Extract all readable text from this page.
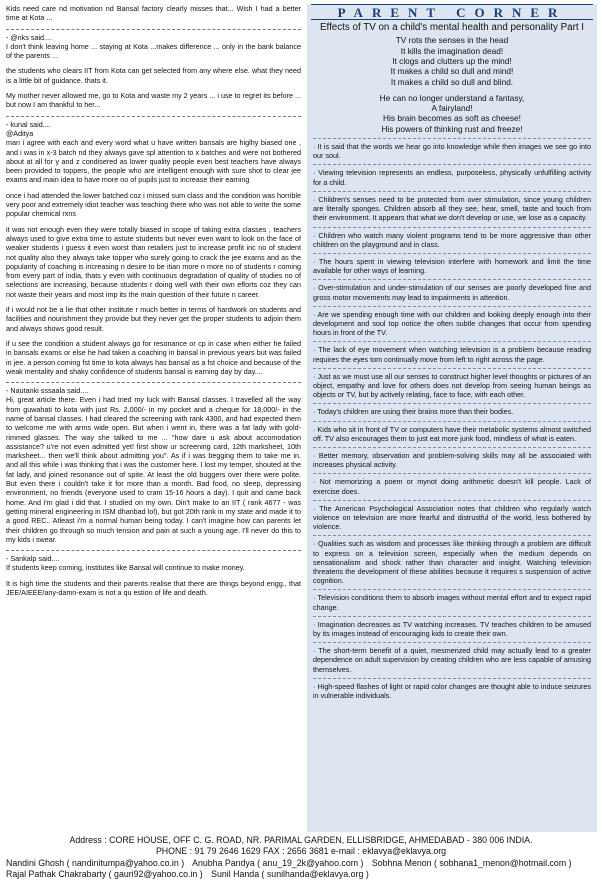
Kids need care nd motivation nd Bansal factory clearly misses that... Wish I had a better time at Kota ...

- @nks said....
I don't think leaving home ... staying at Kota ...makes difference ... only in the bank balance of the parents ...

the students who clears IIT from Kota can get selected from any where else. what they need is a little bit of guidance. thats it.

My mother never allowed me, go to Kota and waste my 2 years ... i use to regret its before ... but now I am thankful to her...

- kunal said....
@Aditya
man i agree with each and every word what u have written bansals are higlhy biased one , and i was in x-3 batch nd they always gave spl attention to x batches and were not bothered about at all for y and z condisered as lower quality people even best teachers have always been provided to toppers, the people who are intelligent enough with sure shot to clear jee exams and main idea to have more no of pupils just to increase their earning

once i had attended the lower batched coz i missed sum class and the condition was horrible very poor and extremely idiot teacher was teaching there who was not able to write the some popular chemical rxns

it was not enough even they were totally biased in scope of taking extra classes , teachers always used to give extra time to astute students but never even want to look on the face of weaker students i guess it even worst than retailers just to increase profit inc no of student not quality also they always take topper who surely going to crack the jee exams and as the popularity of coaching is increasing n desire to be itian more n more no of students r coming from every part of india, thats y even with continuous degradation of quality of studies no of selections are increasing, because students r doing well with their own efforts coz they can not waste their years and most imp its the main question of their future n career.

if i would not be a lie that other institute r much better in terms of hardwork on students and facilities and nourishment they provide but they never get the proper students to adjoin them and always shows good result.

if u see the condition a student always go for resonance or cp in case when either he failed in bansals exams or else he had taken a coaching in bansal in previous years but was failed in jee. a person coming fst time to kota always has bansal as a fst choice and because of the weak mentality and shaky confidence of students bansal is earning day by day....

- Nautanki sssaala said....
Hi, great article there. Even i had tried my luck with Bansal classes. I travelled all the way from guwahati to kota with just Rs. 2,000/- in my pocket and a cheque for 18,000/- in the name of bansal classes. I had cleared the screening with rank 4300, and had expected them to welcome me with arms wide open. But when i went in, there was a fat lady with gold-rimmed glasses. The way she talked to me ... "how dare u ask about accomodation assistance? u're not even admitted yet! first show ur screening card, 12th marksheet, 10th marksheet... then we'll think about admitting you". As if i was begging them to take me in. and all this while i was thinking that i was the customer here. I lost my temper, shouted at the fat lady, and joined resonance out of spite. At least the old buggers over there were polite. But even there i couldn't take it for more than a month. Bad food, no sleep, depressing environment, no friends (everyone used to cram 15-16 hours a day). I quit and came back home. And i'm glad i did that. I studied on my own. Din't make to an IIT ( rank 4677 - was getting mineral engineering in ISM dhanbad lol), but got 20th rank in my state and made it to a good REC.. Atleast i'm a normal human being today. I can't imagine how can parents let their children go through so much tension and pain at such a young age. I'll never do this to my kids i swear.

- Sankalp said....
If students keep coming, institutes like Bansal will continue to make money.

It is high time the students and their parents realise that there are things beyond engg., that JEE/AIEEE/any-damn-exam is not a qu estion of life and death.

PARENT CORNER
Effects of TV on a child's mental health and personality Part I
TV rots the senses in the head
It kills the imagination dead!
It clogs and clutters up the mind!
It makes a child so dull and mind!
It makes a child so dull and blind.
He can no longer understand a fantasy,
A fairyland!
His brain becomes as soft as cheese!
His powers of thinking rust and freeze!
· It is said that the words we hear go into knowledge while then images we see go into our soul.
· Viewing television represents an endless, purposeless, physically unfulfilling activity for a child.
· Children's senses need to be protected from over stimulation, since young children are literally sponges. Children absorb all they see, hear, smell, taste and touch from their environment. It appears that what we don't develop or use, we lose as a capacity.
· Children who watch many violent programs tend to be more aggressive than other children on the playground and in class.
· The hours spent in viewing television interfere with homework and limit the time available for other ways of learning.
· Over-stimulation and under-stimulation of our senses are poorly developed fine and gross motor movements may lead to impairments in attention.
· Are we spending enough time with our children and looking deeply enough into their development and soul top notice the often subtle changes that occur from spending hours in front of the TV.
· The lack of eye movement when watching television is a problem because reading requires the eyes tom continually move from left to right across the page.
· Just as we must use all our senses to construct higher level thoughts or pictures of an object, empathy and love for others does not develop from seeing human beings as objects or TV, but by actively relating, face to face, with each other.
· Today's children are using their brains more than their bodies.
· Kids who sit in front of TV or computers have their metabolic systems almost switched off. TV also encourages them to just eat more junk food, mindless of what is eaten.
· Better memory, observation and problem-solving skills may all be associated with increases physical activity.
· Not memorizing a poem or mynot doing arithmetic doesn't kill people. Lack of exercise does.
· The American Psychological Association notes that children who regularly watch violence on television are more fearful and distrustful of the world, less bothered by violence.
· Qualities such as wisdom and processes like thinking through a problem are difficult to express on a television screen, especially when the medium depends on sensationalism and shock rather than character and insight. Watching television threatens the development of these abilities because it requires s suspension of active cognition.
· Television conditions them to absorb images without mental effort and to expect rapid change.
· Imagination decreases as TV watching increases. TV teaches children to be amused by its images instead of encouraging kids to create their own.
· The short-term benefit of a quiet, mesmerized child may actually lead to a greater dependence on adult supervision by creating children who are less capable of amusing themselves.
· High-speed flashes of light or rapid color changes are thought able to induce seizures in vulnerable individuals.
Address : CORE HOUSE, OFF C. G. ROAD, NR. PARIMAL GARDEN, ELLISBRIDGE, AHMEDABAD - 380 006 INDIA.
PHONE : 91 79 2646 1629 FAX : 2656 3681 e-mail : eklavya@eklavya.org
Nandini Ghosh ( nandinitumpa@yahoo.co.in ) Anubha Pandya ( anu_19_2k@yahoo.com ) Sobhna Menon ( sobhana1_menon@hotmail.com )
Rajal Pathak Chakrabarty ( gauri92@yahoo.co.in ) Sunil Handa ( sunilhanda@eklavya.org )
